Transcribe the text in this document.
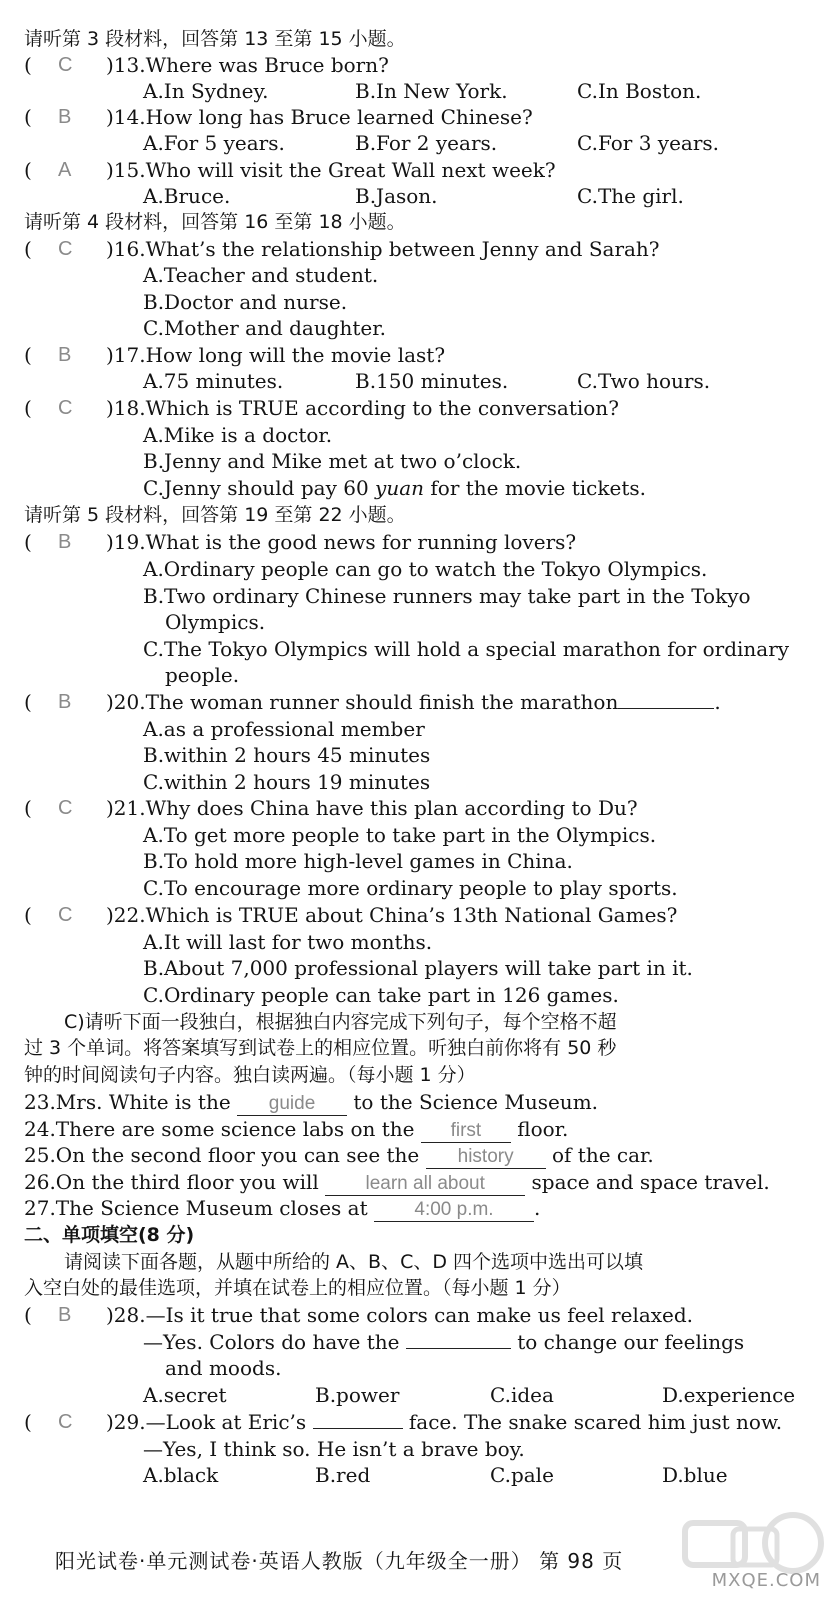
请听第 3 段材料，回答第 13 至第 15 小题。
( C )13.Where was Bruce born?
A.In Sydney.	B.In New York.	C.In Boston.
( B )14.How long has Bruce learned Chinese?
A.For 5 years.	B.For 2 years.	C.For 3 years.
( A )15.Who will visit the Great Wall next week?
A.Bruce.	B.Jason.	C.The girl.
请听第 4 段材料，回答第 16 至第 18 小题。
( C )16.What’s the relationship between Jenny and Sarah?
A.Teacher and student.
B.Doctor and nurse.
C.Mother and daughter.
( B )17.How long will the movie last?
A.75 minutes.	B.150 minutes.	C.Two hours.
( C )18.Which is TRUE according to the conversation?
A.Mike is a doctor.
B.Jenny and Mike met at two o’clock.
C.Jenny should pay 60 yuan for the movie tickets.
请听第 5 段材料，回答第 19 至第 22 小题。
( B )19.What is the good news for running lovers?
A.Ordinary people can go to watch the Tokyo Olympics.
B.Two ordinary Chinese runners may take part in the Tokyo
Olympics.
C.The Tokyo Olympics will hold a special marathon for ordinary
people.
( B )20.The woman runner should finish the marathon	.
A.as a professional member
B.within 2 hours 45 minutes
C.within 2 hours 19 minutes
( C )21.Why does China have this plan according to Du?
A.To get more people to take part in the Olympics.
B.To hold more high-level games in China.
C.To encourage more ordinary people to play sports.
( C )22.Which is TRUE about China’s 13th National Games?
A.It will last for two months.
B.About 7,000 professional players will take part in it.
C.Ordinary people can take part in 126 games.
C)请听下面一段独白，根据独白内容完成下列句子，每个空格不超
过 3 个单词。将答案填写到试卷上的相应位置。听独白前你将有 50 秒
钟的时间阅读句子内容。独白读两遍。（每小题 1 分）
23.Mrs. White is the guide to the Science Museum.
24.There are some science labs on the first floor.
25.On the second floor you can see the history of the car.
26.On the third floor you will learn all about space and space travel.
27.The Science Museum closes at 4:00 p.m. .
二、单项填空(8 分)
请阅读下面各题，从题中所给的 A、B、C、D 四个选项中选出可以填
入空白处的最佳选项，并填在试卷上的相应位置。（每小题 1 分）
( B )28.—Is it true that some colors can make us feel relaxed.
—Yes. Colors do have the	to change our feelings
and moods.
A.secret	B.power	C.idea	D.experience
( C )29.—Look at Eric’s	face. The snake scared him just now.
—Yes, I think so. He isn’t a brave boy.
A.black	B.red	C.pale	D.blue
阳光试卷·单元测试卷·英语人教版（九年级全一册） 第 98 页
MXQE.COM
